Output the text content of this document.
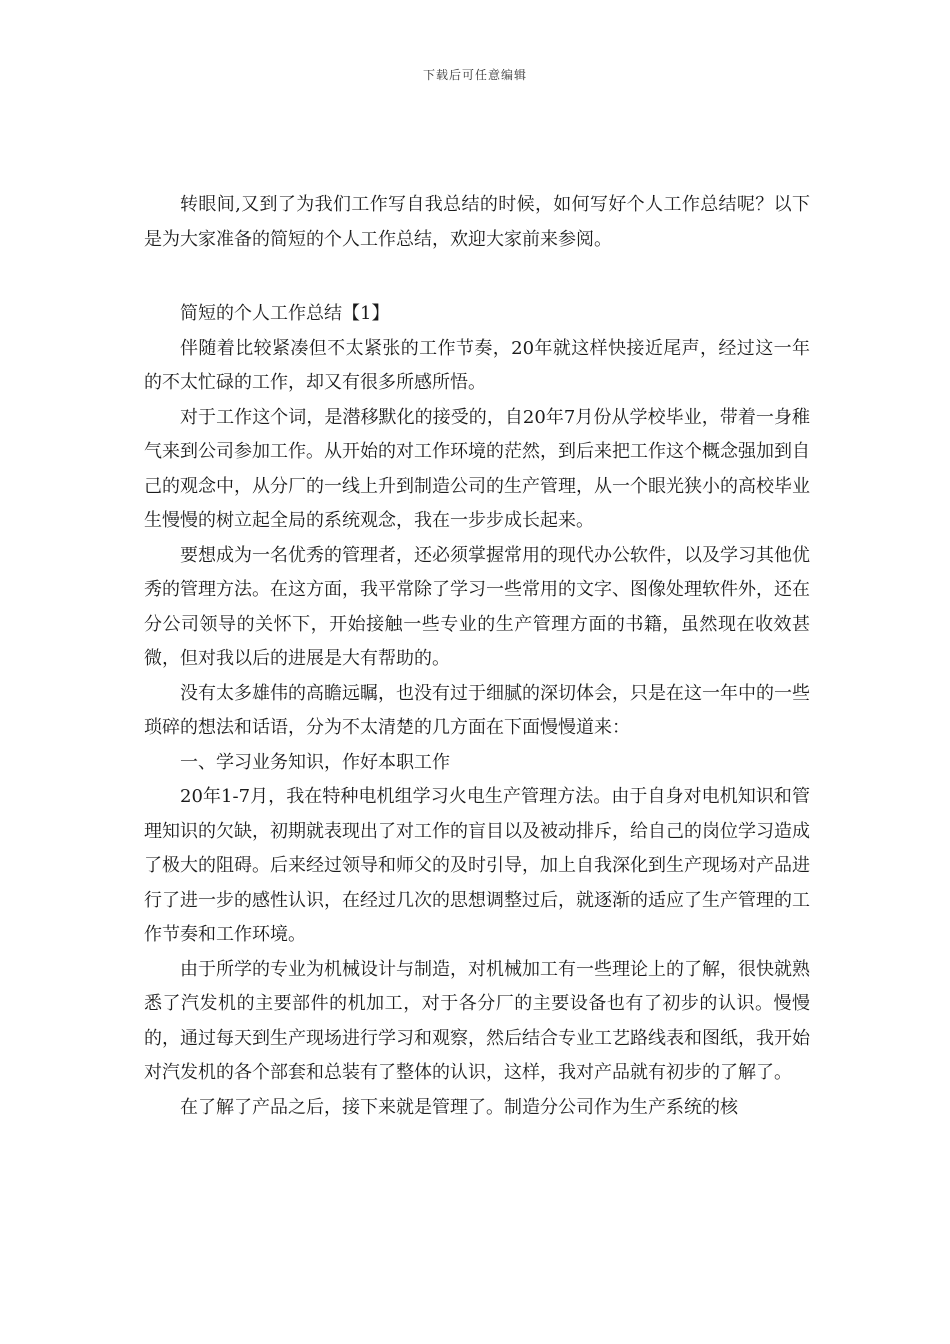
下载后可任意编辑

转眼间,又到了为我们工作写自我总结的时候，如何写好个人工作总结呢？以下是为大家准备的简短的个人工作总结，欢迎大家前来参阅。

简短的个人工作总结【1】

伴随着比较紧凑但不太紧张的工作节奏，20年就这样快接近尾声，经过这一年的不太忙碌的工作，却又有很多所感所悟。

对于工作这个词，是潜移默化的接受的，自20年7月份从学校毕业，带着一身稚气来到公司参加工作。从开始的对工作环境的茫然，到后来把工作这个概念强加到自己的观念中，从分厂的一线上升到制造公司的生产管理，从一个眼光狭小的高校毕业生慢慢的树立起全局的系统观念，我在一步步成长起来。

要想成为一名优秀的管理者，还必须掌握常用的现代办公软件，以及学习其他优秀的管理方法。在这方面，我平常除了学习一些常用的文字、图像处理软件外，还在分公司领导的关怀下，开始接触一些专业的生产管理方面的书籍，虽然现在收效甚微，但对我以后的进展是大有帮助的。

没有太多雄伟的高瞻远瞩，也没有过于细腻的深切体会，只是在这一年中的一些琐碎的想法和话语，分为不太清楚的几方面在下面慢慢道来：

一、学习业务知识，作好本职工作

20年1-7月，我在特种电机组学习火电生产管理方法。由于自身对电机知识和管理知识的欠缺，初期就表现出了对工作的盲目以及被动排斥，给自己的岗位学习造成了极大的阻碍。后来经过领导和师父的及时引导，加上自我深化到生产现场对产品进行了进一步的感性认识，在经过几次的思想调整过后，就逐渐的适应了生产管理的工作节奏和工作环境。

由于所学的专业为机械设计与制造，对机械加工有一些理论上的了解，很快就熟悉了汽发机的主要部件的机加工，对于各分厂的主要设备也有了初步的认识。慢慢的，通过每天到生产现场进行学习和观察，然后结合专业工艺路线表和图纸，我开始对汽发机的各个部套和总装有了整体的认识，这样，我对产品就有初步的了解了。

在了解了产品之后，接下来就是管理了。制造分公司作为生产系统的核
